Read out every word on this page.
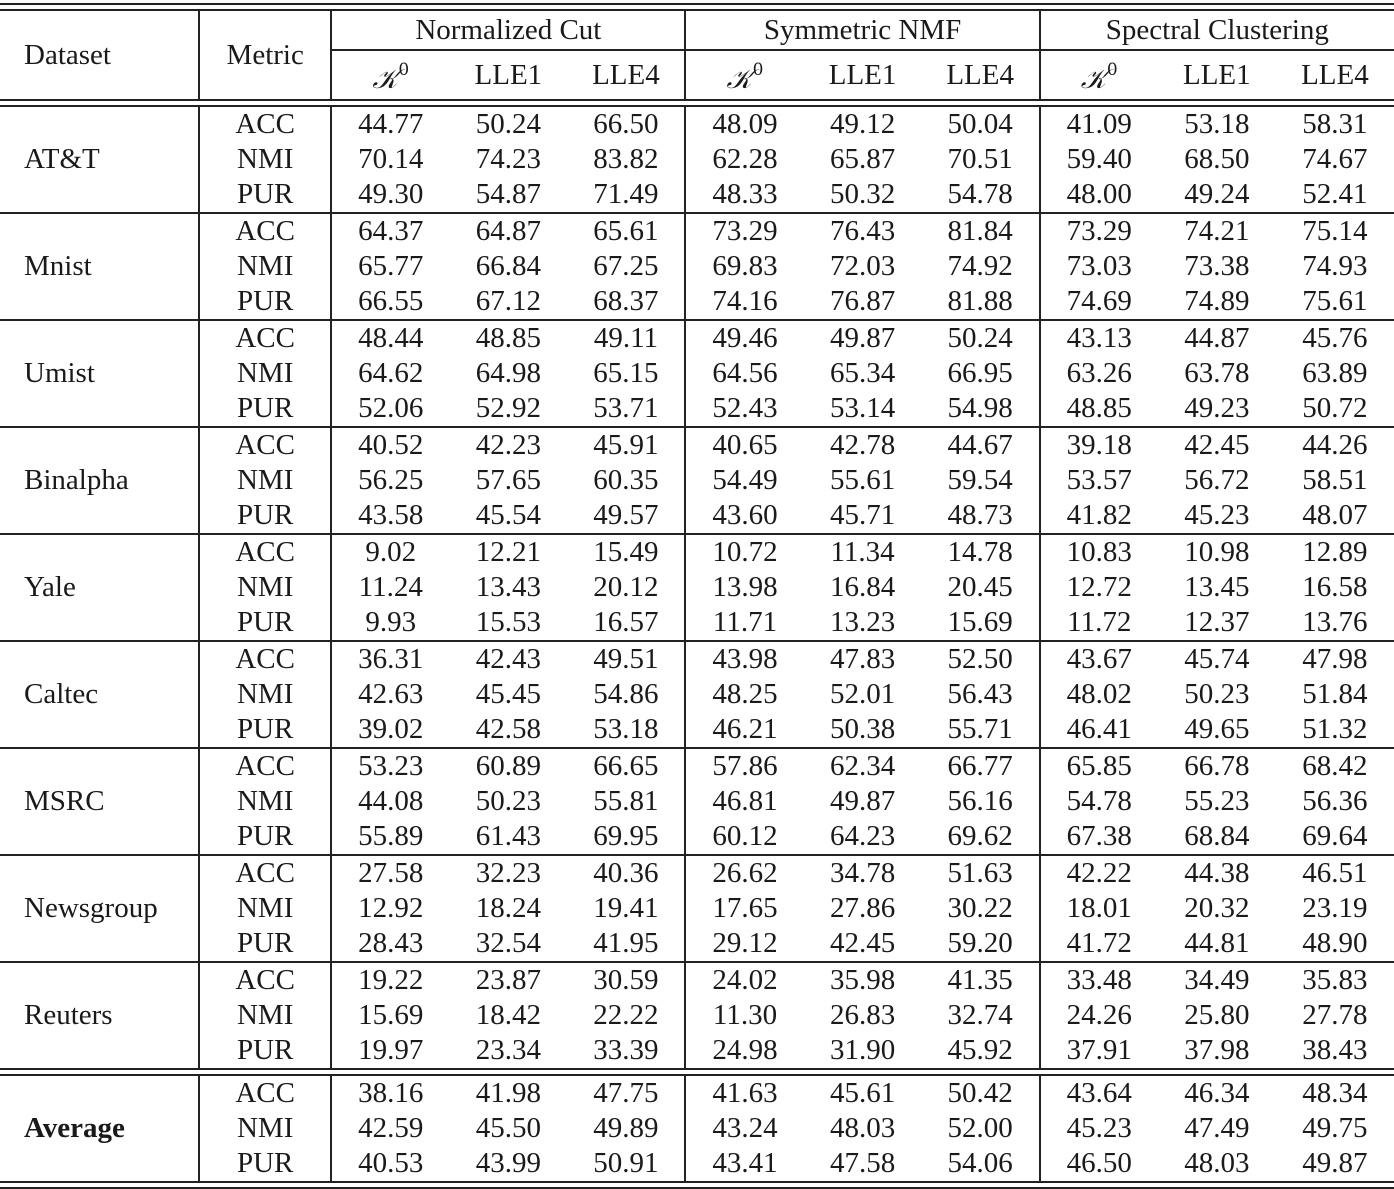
Dataset	Metric	Normalized Cut			Symmetric NMF			Spectral Clustering		
		𝒦$^0$	LLE1	LLE4	𝒦$^0$	LLE1	LLE4	𝒦$^0$	LLE1	LLE4

AT&T	ACC	44.77	50.24	66.50	48.09	49.12	50.04	41.09	53.18	58.31
	NMI	70.14	74.23	83.82	62.28	65.87	70.51	59.40	68.50	74.67
	PUR	49.30	54.87	71.49	48.33	50.32	54.78	48.00	49.24	52.41
Mnist	ACC	64.37	64.87	65.61	73.29	76.43	81.84	73.29	74.21	75.14
	NMI	65.77	66.84	67.25	69.83	72.03	74.92	73.03	73.38	74.93
	PUR	66.55	67.12	68.37	74.16	76.87	81.88	74.69	74.89	75.61
Umist	ACC	48.44	48.85	49.11	49.46	49.87	50.24	43.13	44.87	45.76
	NMI	64.62	64.98	65.15	64.56	65.34	66.95	63.26	63.78	63.89
	PUR	52.06	52.92	53.71	52.43	53.14	54.98	48.85	49.23	50.72
Binalpha	ACC	40.52	42.23	45.91	40.65	42.78	44.67	39.18	42.45	44.26
	NMI	56.25	57.65	60.35	54.49	55.61	59.54	53.57	56.72	58.51
	PUR	43.58	45.54	49.57	43.60	45.71	48.73	41.82	45.23	48.07
Yale	ACC	9.02	12.21	15.49	10.72	11.34	14.78	10.83	10.98	12.89
	NMI	11.24	13.43	20.12	13.98	16.84	20.45	12.72	13.45	16.58
	PUR	9.93	15.53	16.57	11.71	13.23	15.69	11.72	12.37	13.76
Caltec	ACC	36.31	42.43	49.51	43.98	47.83	52.50	43.67	45.74	47.98
	NMI	42.63	45.45	54.86	48.25	52.01	56.43	48.02	50.23	51.84
	PUR	39.02	42.58	53.18	46.21	50.38	55.71	46.41	49.65	51.32
MSRC	ACC	53.23	60.89	66.65	57.86	62.34	66.77	65.85	66.78	68.42
	NMI	44.08	50.23	55.81	46.81	49.87	56.16	54.78	55.23	56.36
	PUR	55.89	61.43	69.95	60.12	64.23	69.62	67.38	68.84	69.64
Newsgroup	ACC	27.58	32.23	40.36	26.62	34.78	51.63	42.22	44.38	46.51
	NMI	12.92	18.24	19.41	17.65	27.86	30.22	18.01	20.32	23.19
	PUR	28.43	32.54	41.95	29.12	42.45	59.20	41.72	44.81	48.90
Reuters	ACC	19.22	23.87	30.59	24.02	35.98	41.35	33.48	34.49	35.83
	NMI	15.69	18.42	22.22	11.30	26.83	32.74	24.26	25.80	27.78
	PUR	19.97	23.34	33.39	24.98	31.90	45.92	37.91	37.98	38.43

Average	ACC	38.16	41.98	47.75	41.63	45.61	50.42	43.64	46.34	48.34
	NMI	42.59	45.50	49.89	43.24	48.03	52.00	45.23	47.49	49.75
	PUR	40.53	43.99	50.91	43.41	47.58	54.06	46.50	48.03	49.87
